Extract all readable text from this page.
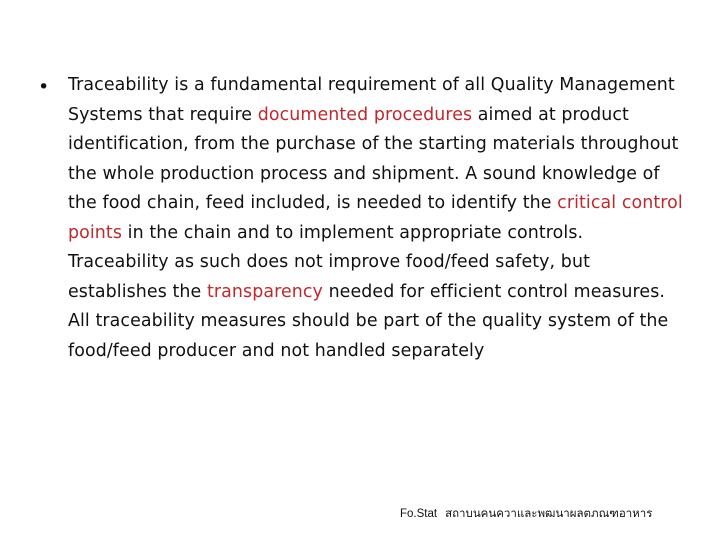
•	Traceability is a fundamental requirement of all Quality Management Systems that require documented procedures aimed at product identification, from the purchase of the starting materials throughout the whole production process and shipment. A sound knowledge of the food chain, feed included, is needed to identify the critical control points in the chain and to implement appropriate controls. Traceability as such does not improve food/feed safety, but establishes the transparency needed for efficient control measures. All traceability measures should be part of the quality system of the food/feed producer and not handled separately

Fo.Stat สถาบนคนควาและพฒนาผลตภณฑอาหาร
